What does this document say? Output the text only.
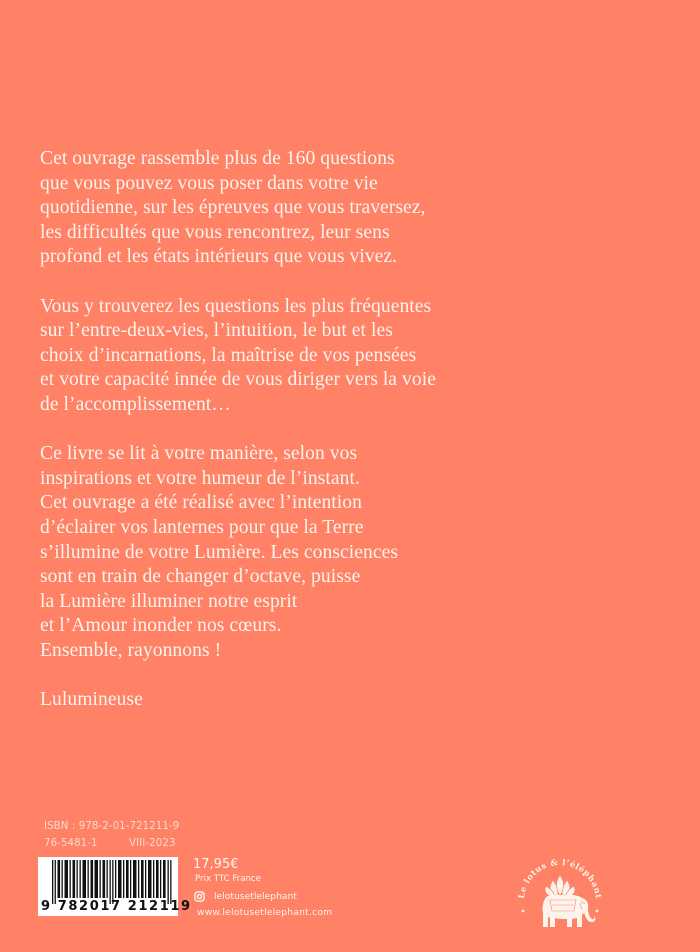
Cet ouvrage rassemble plus de 160 questions
que vous pouvez vous poser dans votre vie
quotidienne, sur les épreuves que vous traversez,
les difficultés que vous rencontrez, leur sens
profond et les états intérieurs que vous vivez.

Vous y trouverez les questions les plus fréquentes
sur l’entre-deux-vies, l’intuition, le but et les
choix d’incarnations, la maîtrise de vos pensées
et votre capacité innée de vous diriger vers la voie
de l’accomplissement…

Ce livre se lit à votre manière, selon vos
inspirations et votre humeur de l’instant.
Cet ouvrage a été réalisé avec l’intention
d’éclairer vos lanternes pour que la Terre
s’illumine de votre Lumière. Les consciences
sont en train de changer d’octave, puisse
la Lumière illuminer notre esprit
et l’Amour inonder nos cœurs.
Ensemble, rayonnons !

Lulumineuse

ISBN : 978-2-01-721211-9
76-5481-1	VIII-2023
9 782017 212119
17,95€
Prix TTC France
lelotusetlelephant
www.lelotusetlelephant.com
Le lotus & l’éléphant
